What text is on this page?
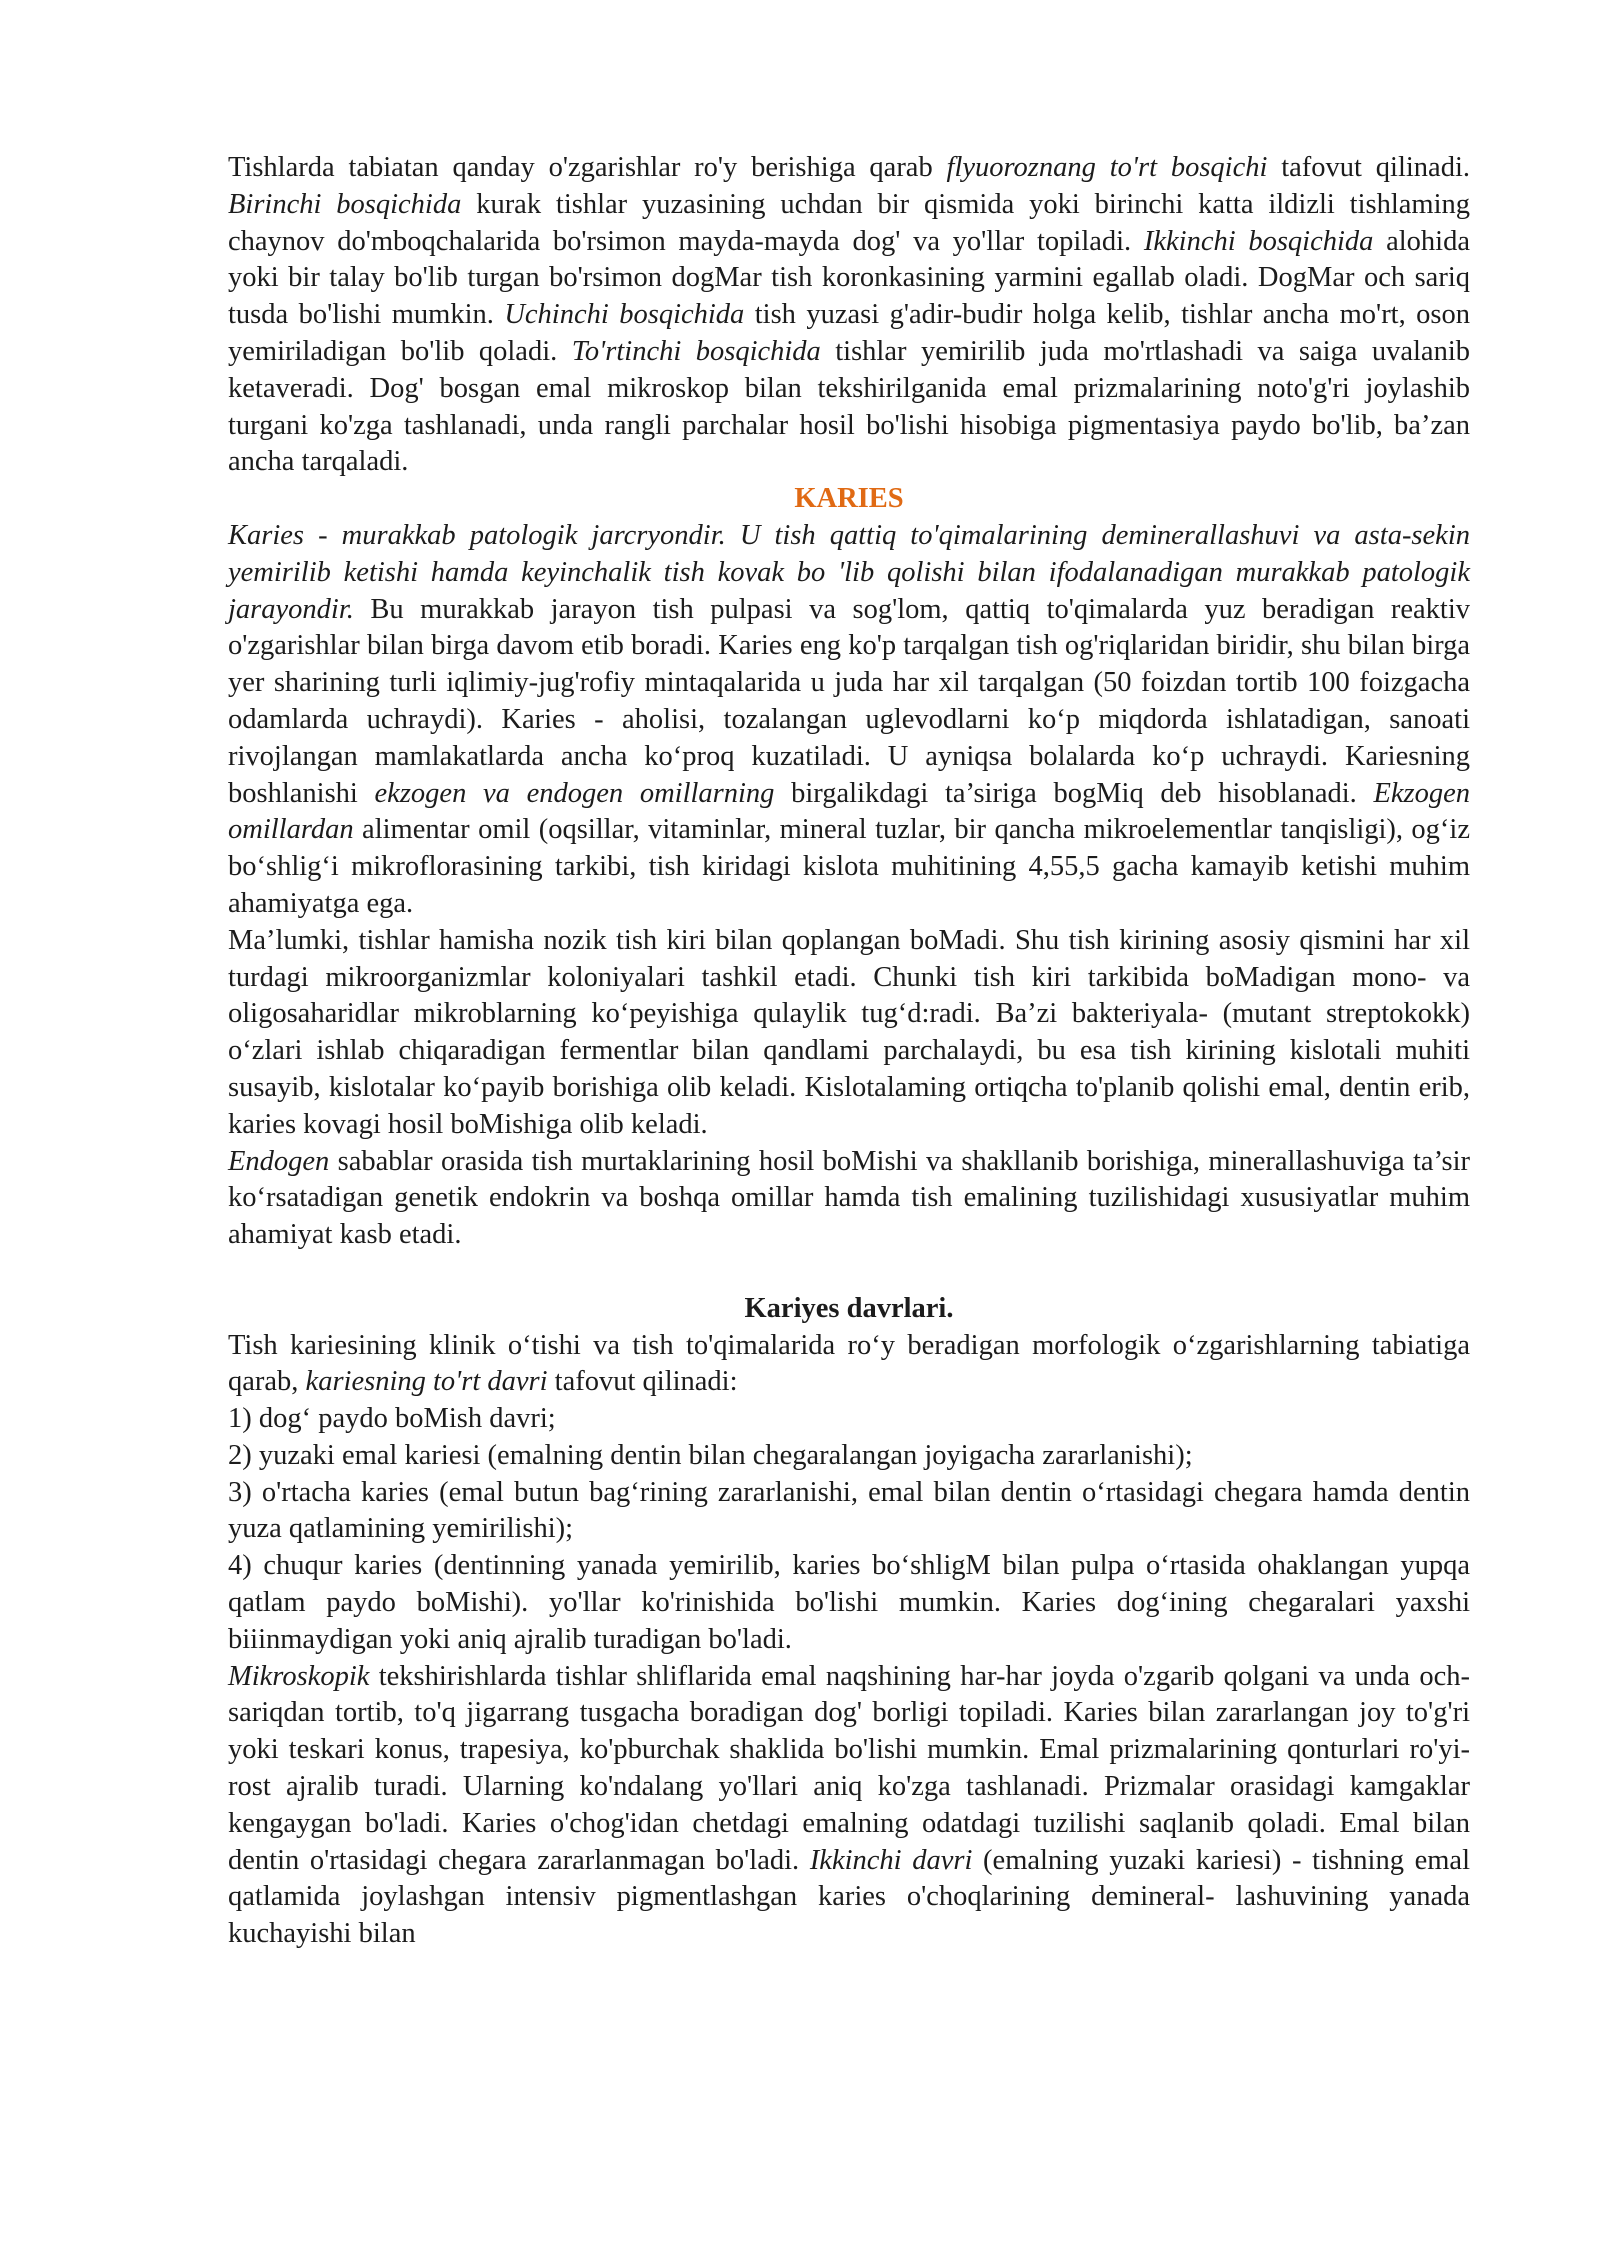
Tishlarda tabiatan qanday o'zgarishlar ro'y berishiga qarab flyuoroznang to'rt bosqichi tafovut qilinadi. Birinchi bosqichida kurak tishlar yuzasining uchdan bir qismida yoki birinchi katta ildizli tishlaming chaynov do'mboqchalarida bo'rsimon mayda-mayda dog' va yo'llar topiladi. Ikkinchi bosqichida alohida yoki bir talay bo'lib turgan bo'rsimon dogMar tish koronkasining yarmini egallab oladi. DogMar och sariq tusda bo'lishi mumkin. Uchinchi bosqichida tish yuzasi g'adir-budir holga kelib, tishlar ancha mo'rt, oson yemiriladigan bo'lib qoladi. To'rtinchi bosqichida tishlar yemirilib juda mo'rtlashadi va saiga uvalanib ketaveradi. Dog' bosgan emal mikroskop bilan tekshirilganida emal prizmalarining noto'g'ri joylashib turgani ko'zga tashlanadi, unda rangli parchalar hosil bo'lishi hisobiga pigmentasiya paydo bo'lib, ba’zan ancha tarqaladi.

KARIES

Karies - murakkab patologik jarcryondir. U tish qattiq to'qimalarining deminerallashuvi va asta-sekin yemirilib ketishi hamda keyinchalik tish kovak bo 'lib qolishi bilan ifodalanadigan murakkab patologik jarayondir. Bu murakkab jarayon tish pulpasi va sog'lom, qattiq to'qimalarda yuz beradigan reaktiv o'zgarishlar bilan birga davom etib boradi. Karies eng ko'p tarqalgan tish og'riqlaridan biridir, shu bilan birga yer sharining turli iqlimiy-jug'rofiy mintaqalarida u juda har xil tarqalgan (50 foizdan tortib 100 foizgacha odamlarda uchraydi). Karies - aholisi, tozalangan uglevodlarni ko‘p miqdorda ishlatadigan, sanoati rivojlangan mamlakatlarda ancha ko‘proq kuzatiladi. U ayniqsa bolalarda ko‘p uchraydi. Kariesning boshlanishi ekzogen va endogen omillarning birgalikdagi ta’siriga bogMiq deb hisoblanadi. Ekzogen omillardan alimentar omil (oqsillar, vitaminlar, mineral tuzlar, bir qancha mikroelementlar tanqisligi), og‘iz bo‘shlig‘i mikroflorasining tarkibi, tish kiridagi kislota muhitining 4,55,5 gacha kamayib ketishi muhim ahamiyatga ega.

Ma’lumki, tishlar hamisha nozik tish kiri bilan qoplangan boMadi. Shu tish kirining asosiy qismini har xil turdagi mikroorganizmlar koloniyalari tashkil etadi. Chunki tish kiri tarkibida boMadigan mono- va oligosaharidlar mikroblarning ko‘peyishiga qulaylik tug‘d:radi. Ba’zi bakteriyala- (mutant streptokokk) o‘zlari ishlab chiqaradigan fermentlar bilan qandlami parchalaydi, bu esa tish kirining kislotali muhiti susayib, kislotalar ko‘payib borishiga olib keladi. Kislotalaming ortiqcha to'planib qolishi emal, dentin erib, karies kovagi hosil boMishiga olib keladi.

Endogen sabablar orasida tish murtaklarining hosil boMishi va shakllanib borishiga, minerallashuviga ta’sir ko‘rsatadigan genetik endokrin va boshqa omillar hamda tish emalining tuzilishidagi xususiyatlar muhim ahamiyat kasb etadi.

Kariyes davrlari.

Tish kariesining klinik o‘tishi va tish to'qimalarida ro‘y beradigan morfologik o‘zgarishlarning tabiatiga qarab, kariesning to'rt davri tafovut qilinadi:

1) dog‘ paydo boMish davri;

2) yuzaki emal kariesi (emalning dentin bilan chegaralangan joyigacha zararlanishi);

3) o'rtacha karies (emal butun bag‘rining zararlanishi, emal bilan dentin o‘rtasidagi chegara hamda dentin yuza qatlamining yemirilishi);

4) chuqur karies (dentinning yanada yemirilib, karies bo‘shligM bilan pulpa o‘rtasida ohaklangan yupqa qatlam paydo boMishi). yo'llar ko'rinishida bo'lishi mumkin. Karies dog‘ining chegaralari yaxshi biiinmaydigan yoki aniq ajralib turadigan bo'ladi.

Mikroskopik tekshirishlarda tishlar shliflarida emal naqshining har-har joyda o'zgarib qolgani va unda och-sariqdan tortib, to'q jigarrang tusgacha boradigan dog' borligi topiladi. Karies bilan zararlangan joy to'g'ri yoki teskari konus, trapesiya, ko'pburchak shaklida bo'lishi mumkin. Emal prizmalarining qonturlari ro'yi-rost ajralib turadi. Ularning ko'ndalang yo'llari aniq ko'zga tashlanadi. Prizmalar orasidagi kamgaklar kengaygan bo'ladi. Karies o'chog'idan chetdagi emalning odatdagi tuzilishi saqlanib qoladi. Emal bilan dentin o'rtasidagi chegara zararlanmagan bo'ladi. Ikkinchi davri (emalning yuzaki kariesi) - tishning emal qatlamida joylashgan intensiv pigmentlashgan karies o'choqlarining demineral- lashuvining yanada kuchayishi bilan
